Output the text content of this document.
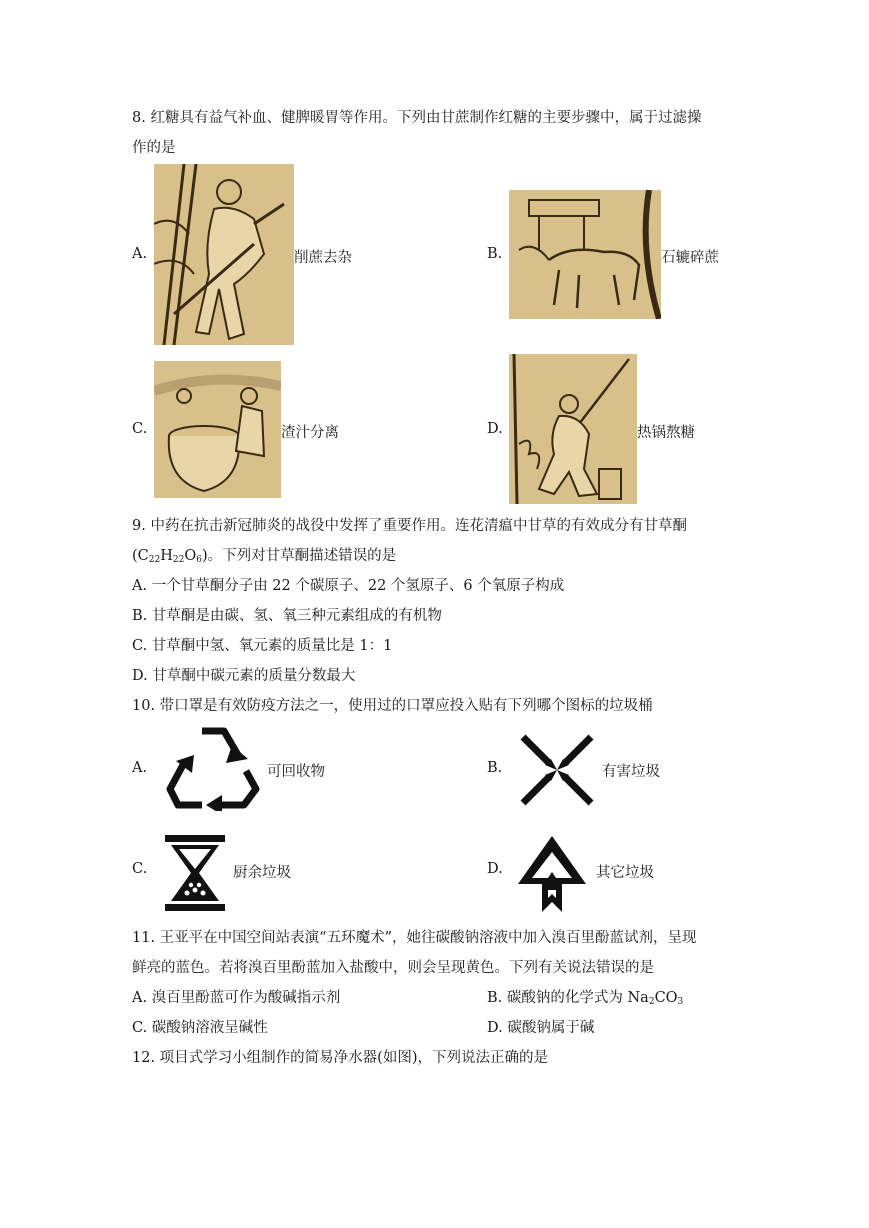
8. 红糖具有益气补血、健脾暖胃等作用。下列由甘蔗制作红糖的主要步骤中，属于过滤操
作的是
A.	削蔗去杂	B.	石辘碎蔗
C.	渣汁分离	D.	热锅熬糖
9. 中药在抗击新冠肺炎的战役中发挥了重要作用。连花清瘟中甘草的有效成分有甘草酮
$(C_{22}H_{22}O_6)$。下列对甘草酮描述错误的是
A. 一个甘草酮分子由 22 个碳原子、22 个氢原子、6 个氧原子构成
B. 甘草酮是由碳、氢、氧三种元素组成的有机物
C. 甘草酮中氢、氧元素的质量比是 1：1
D. 甘草酮中碳元素的质量分数最大
10. 带口罩是有效防疫方法之一，使用过的口罩应投入贴有下列哪个图标的垃圾桶
A.	可回收物	B.	有害垃圾
C.	厨余垃圾	D.	其它垃圾
11. 王亚平在中国空间站表演“五环魔术”，她往碳酸钠溶液中加入溴百里酚蓝试剂，呈现
鲜亮的蓝色。若将溴百里酚蓝加入盐酸中，则会呈现黄色。下列有关说法错误的是
A. 溴百里酚蓝可作为酸碱指示剂	B. 碳酸钠的化学式为 $Na_2CO_3$
C. 碳酸钠溶液呈碱性	D. 碳酸钠属于碱
12. 项目式学习小组制作的简易净水器(如图)，下列说法正确的是
